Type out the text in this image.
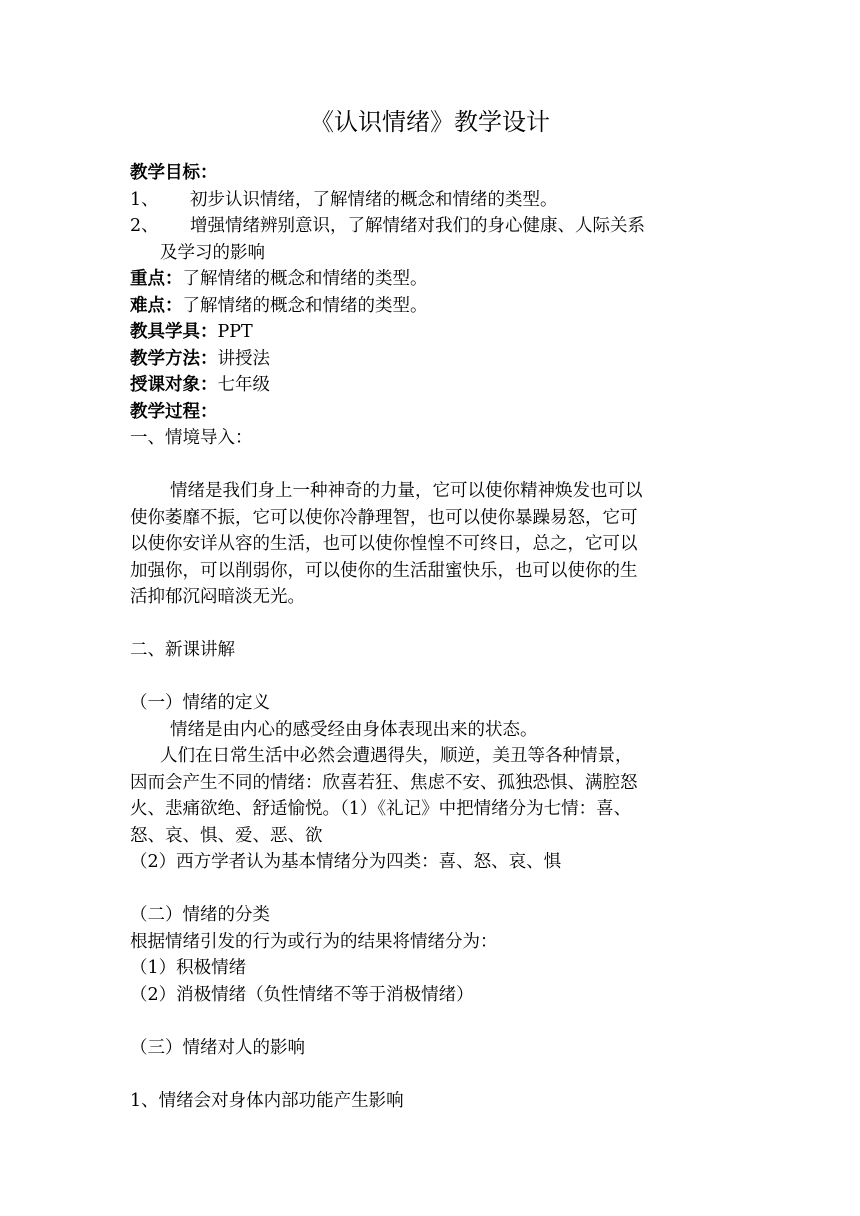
《认识情绪》教学设计
教学目标：
1、 初步认识情绪，了解情绪的概念和情绪的类型。
2、 增强情绪辨别意识，了解情绪对我们的身心健康、人际关系
及学习的影响
重点：了解情绪的概念和情绪的类型。
难点：了解情绪的概念和情绪的类型。
教具学具：PPT
教学方法：讲授法
授课对象：七年级
教学过程：
一、情境导入：
情绪是我们身上一种神奇的力量，它可以使你精神焕发也可以
使你萎靡不振，它可以使你冷静理智，也可以使你暴躁易怒，它可
以使你安详从容的生活，也可以使你惶惶不可终日，总之，它可以
加强你，可以削弱你，可以使你的生活甜蜜快乐，也可以使你的生
活抑郁沉闷暗淡无光。
二、新课讲解
（一）情绪的定义
情绪是由内心的感受经由身体表现出来的状态。
人们在日常生活中必然会遭遇得失，顺逆，美丑等各种情景，
因而会产生不同的情绪：欣喜若狂、焦虑不安、孤独恐惧、满腔怒
火、悲痛欲绝、舒适愉悦。（1）《礼记》中把情绪分为七情：喜、
怒、哀、惧、爱、恶、欲
（2）西方学者认为基本情绪分为四类：喜、怒、哀、惧
（二）情绪的分类
根据情绪引发的行为或行为的结果将情绪分为：
（1）积极情绪
（2）消极情绪（负性情绪不等于消极情绪）
（三）情绪对人的影响
1、情绪会对身体内部功能产生影响
